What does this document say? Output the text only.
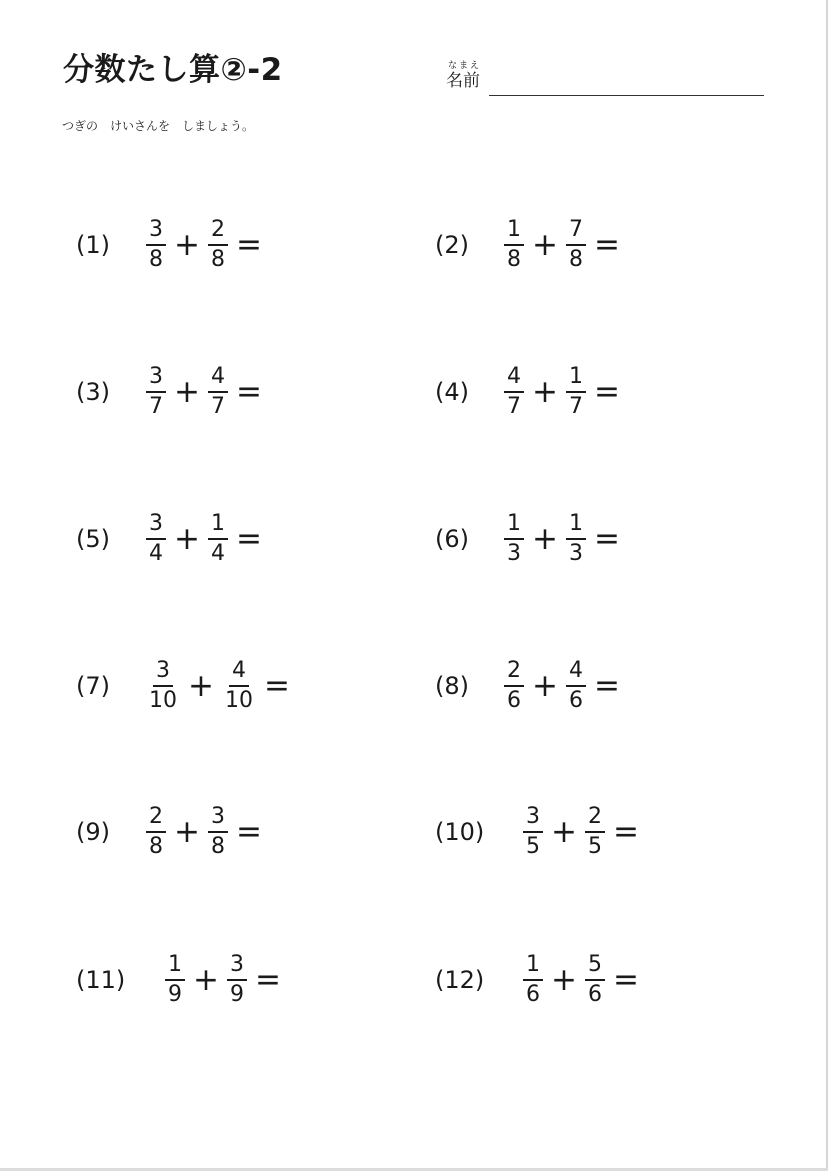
分数たし算②-2	なまえ
名前
つぎの　けいさんを　しましょう。
(1)	$\frac{3}{8} + \frac{2}{8}$ =	(2)	$\frac{1}{8} + \frac{7}{8}$ =
(3)	$\frac{3}{7} + \frac{4}{7}$ =	(4)	$\frac{4}{7} + \frac{1}{7}$ =
(5)	$\frac{3}{4} + \frac{1}{4}$ =	(6)	$\frac{1}{3} + \frac{1}{3}$ =
(7)	$\frac{3}{10} + \frac{4}{10}$ =	(8)	$\frac{2}{6} + \frac{4}{6}$ =
(9)	$\frac{2}{8} + \frac{3}{8}$ =	(10)	$\frac{3}{5} + \frac{2}{5}$ =
(11)	$\frac{1}{9} + \frac{3}{9}$ =	(12)	$\frac{1}{6} + \frac{5}{6}$ =
